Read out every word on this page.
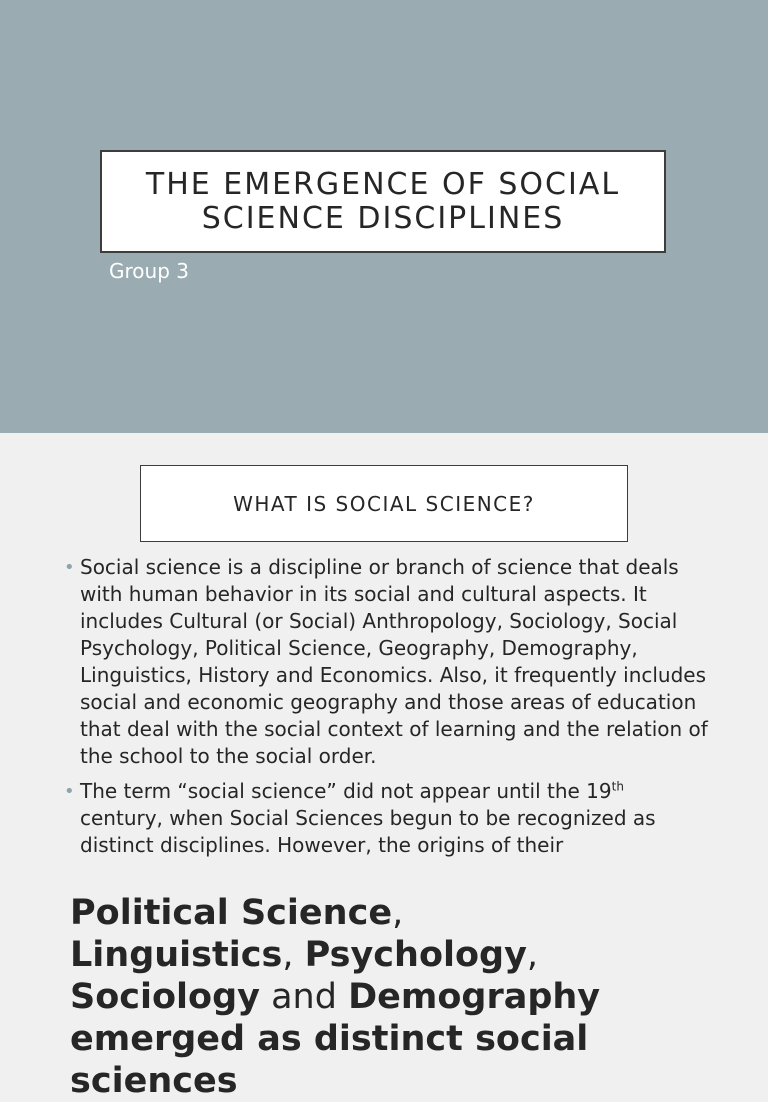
THE EMERGENCE OF SOCIAL SCIENCE DISCIPLINES
Group 3
WHAT IS SOCIAL SCIENCE?
• Social science is a discipline or branch of science that deals with human behavior in its social and cultural aspects. It includes Cultural (or Social) Anthropology, Sociology, Social Psychology, Political Science, Geography, Demography, Linguistics, History and Economics. Also, it frequently includes social and economic geography and those areas of education that deal with the social context of learning and the relation of the school to the social order.
• The term “social science” did not appear until the 19th century, when Social Sciences begun to be recognized as distinct disciplines. However, the origins of their
Political Science,
Linguistics, Psychology,
Sociology and Demography
emerged as distinct social sciences
